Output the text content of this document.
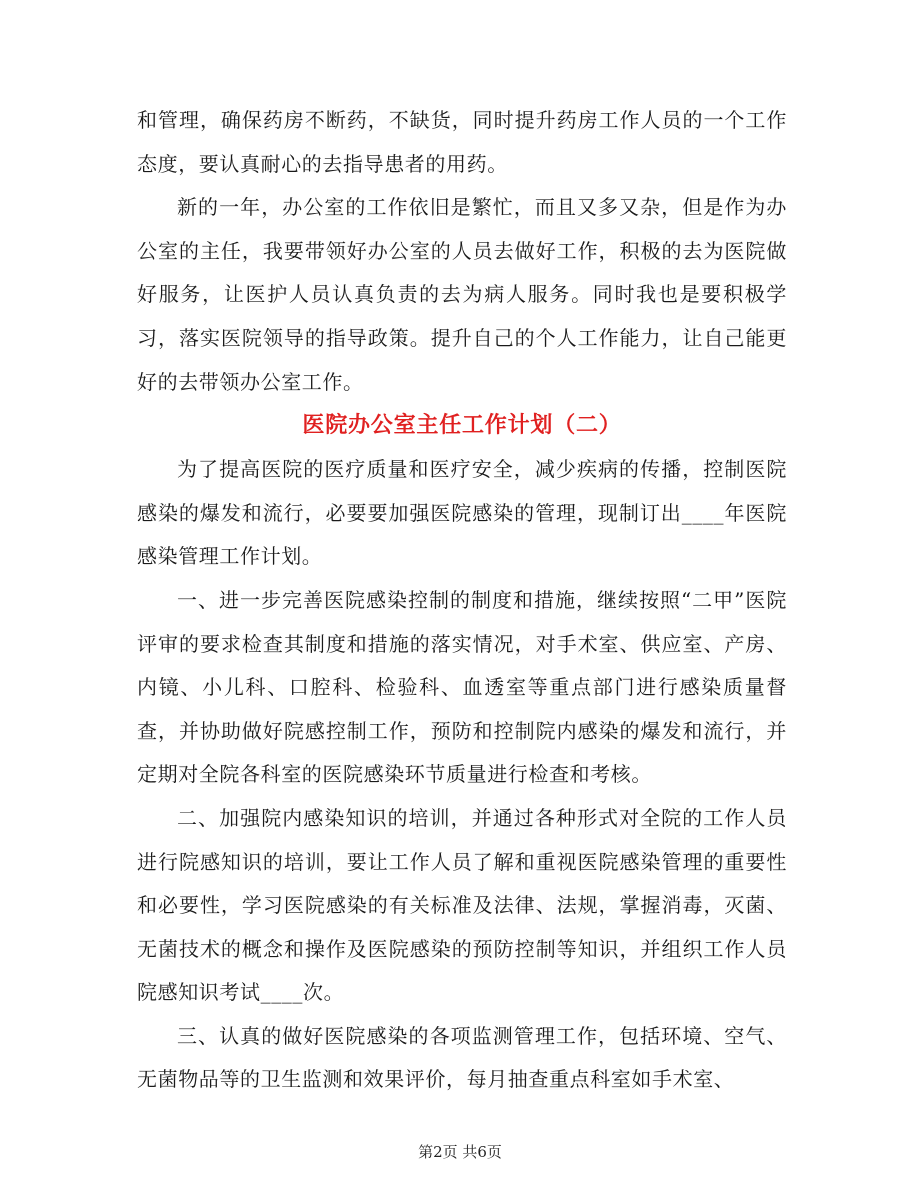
和管理，确保药房不断药，不缺货，同时提升药房工作人员的一个工作态度，要认真耐心的去指导患者的用药。

新的一年，办公室的工作依旧是繁忙，而且又多又杂，但是作为办公室的主任，我要带领好办公室的人员去做好工作，积极的去为医院做好服务，让医护人员认真负责的去为病人服务。同时我也是要积极学习，落实医院领导的指导政策。提升自己的个人工作能力，让自己能更好的去带领办公室工作。

医院办公室主任工作计划（二）

为了提高医院的医疗质量和医疗安全，减少疾病的传播，控制医院感染的爆发和流行，必要要加强医院感染的管理，现制订出____年医院感染管理工作计划。

一、进一步完善医院感染控制的制度和措施，继续按照“二甲”医院评审的要求检查其制度和措施的落实情况，对手术室、供应室、产房、内镜、小儿科、口腔科、检验科、血透室等重点部门进行感染质量督查，并协助做好院感控制工作，预防和控制院内感染的爆发和流行，并定期对全院各科室的医院感染环节质量进行检查和考核。

二、加强院内感染知识的培训，并通过各种形式对全院的工作人员进行院感知识的培训，要让工作人员了解和重视医院感染管理的重要性和必要性，学习医院感染的有关标准及法律、法规，掌握消毒，灭菌、无菌技术的概念和操作及医院感染的预防控制等知识，并组织工作人员院感知识考试____次。

三、认真的做好医院感染的各项监测管理工作，包括环境、空气、无菌物品等的卫生监测和效果评价，每月抽查重点科室如手术室、

第2页 共6页
